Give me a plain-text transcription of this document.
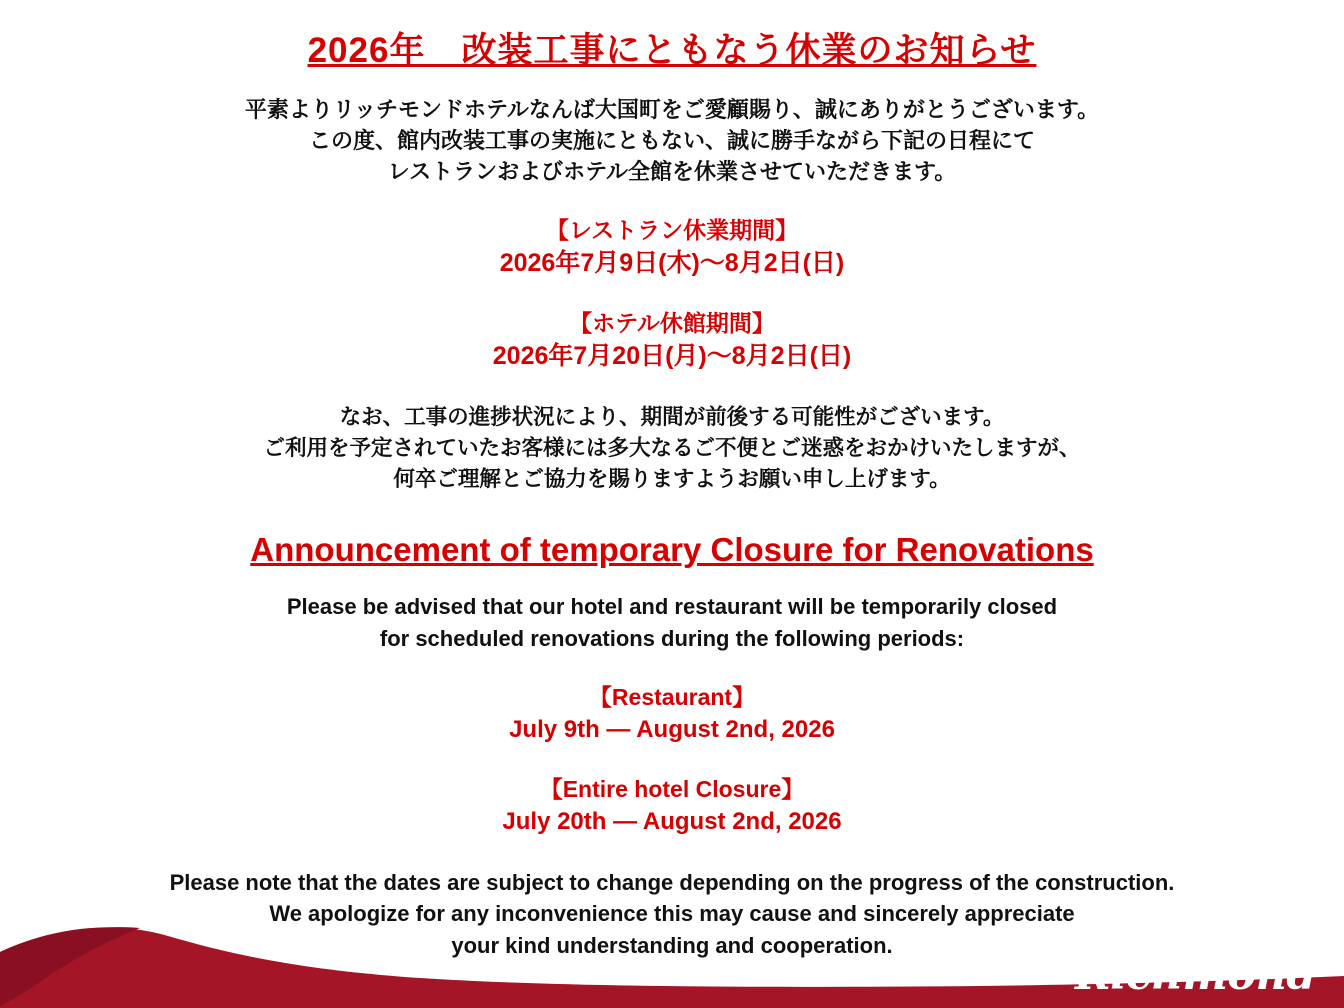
2026年　改装工事にともなう休業のお知らせ
平素よりリッチモンドホテルなんば大国町をご愛顧賜り、誠にありがとうございます。
この度、館内改装工事の実施にともない、誠に勝手ながら下記の日程にて
レストランおよびホテル全館を休業させていただきます。
【レストラン休業期間】
2026年7月9日(木)～8月2日(日)
【ホテル休館期間】
2026年7月20日(月)～8月2日(日)
なお、工事の進捗状況により、期間が前後する可能性がございます。
ご利用を予定されていたお客様には多大なるご不便とご迷惑をおかけいたしますが、
何卒ご理解とご協力を賜りますようお願い申し上げます。
Announcement of temporary Closure for Renovations
Please be advised that our hotel and restaurant will be temporarily closed
for scheduled renovations during the following periods:
【Restaurant】
July 9th — August 2nd, 2026
【Entire hotel Closure】
July 20th — August 2nd, 2026
Please note that the dates are subject to change depending on the progress of the construction.
We apologize for any inconvenience this may cause and sincerely appreciate
your kind understanding and cooperation.
Richmond
